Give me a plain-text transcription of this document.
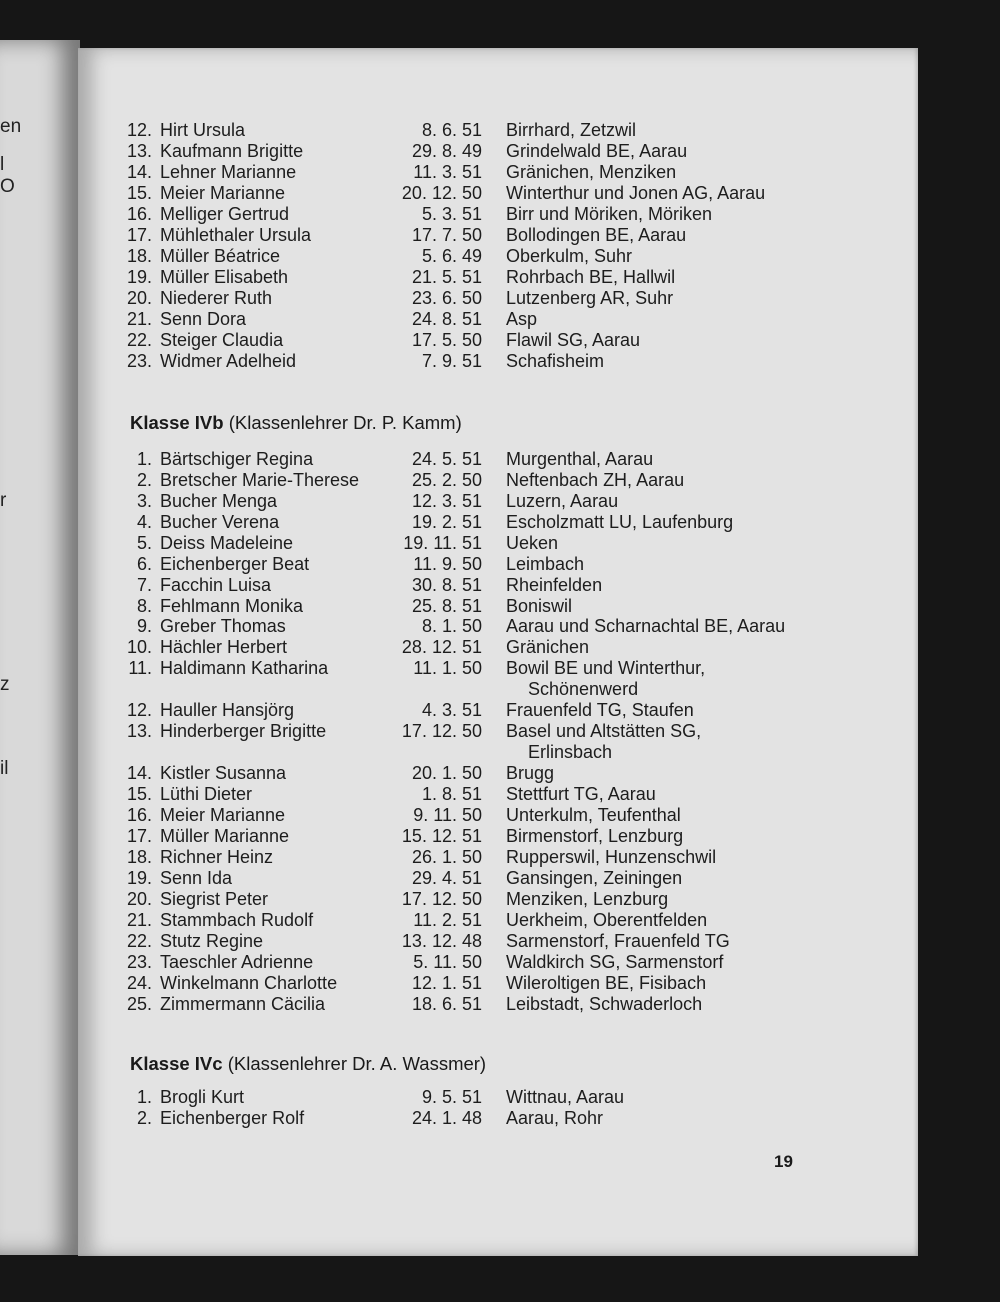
en
l
O
r
z
il
12. Hirt Ursula	8. 6. 51 Birrhard, Zetzwil
13. Kaufmann Brigitte	29. 8. 49 Grindelwald BE, Aarau
14. Lehner Marianne	11. 3. 51 Gränichen, Menziken
15. Meier Marianne	20. 12. 50 Winterthur und Jonen AG, Aarau
16. Melliger Gertrud	5. 3. 51 Birr und Möriken, Möriken
17. Mühlethaler Ursula	17. 7. 50 Bollodingen BE, Aarau
18. Müller Béatrice	5. 6. 49 Oberkulm, Suhr
19. Müller Elisabeth	21. 5. 51 Rohrbach BE, Hallwil
20. Niederer Ruth	23. 6. 50 Lutzenberg AR, Suhr
21. Senn Dora	24. 8. 51 Asp
22. Steiger Claudia	17. 5. 50 Flawil SG, Aarau
23. Widmer Adelheid	7. 9. 51 Schafisheim
Klasse IVb (Klassenlehrer Dr. P. Kamm)
1. Bärtschiger Regina	24. 5. 51 Murgenthal, Aarau
2. Bretscher Marie-Therese	25. 2. 50 Neftenbach ZH, Aarau
3. Bucher Menga	12. 3. 51 Luzern, Aarau
4. Bucher Verena	19. 2. 51 Escholzmatt LU, Laufenburg
5. Deiss Madeleine	19. 11. 51 Ueken
6. Eichenberger Beat	11. 9. 50 Leimbach
7. Facchin Luisa	30. 8. 51 Rheinfelden
8. Fehlmann Monika	25. 8. 51 Boniswil
9. Greber Thomas	8. 1. 50 Aarau und Scharnachtal BE, Aarau
10. Hächler Herbert	28. 12. 51 Gränichen
11. Haldimann Katharina	11. 1. 50 Bowil BE und Winterthur,
Schönenwerd
12. Hauller Hansjörg	4. 3. 51 Frauenfeld TG, Staufen
13. Hinderberger Brigitte	17. 12. 50 Basel und Altstätten SG,
Erlinsbach
14. Kistler Susanna	20. 1. 50 Brugg
15. Lüthi Dieter	1. 8. 51 Stettfurt TG, Aarau
16. Meier Marianne	9. 11. 50 Unterkulm, Teufenthal
17. Müller Marianne	15. 12. 51 Birmenstorf, Lenzburg
18. Richner Heinz	26. 1. 50 Rupperswil, Hunzenschwil
19. Senn Ida	29. 4. 51 Gansingen, Zeiningen
20. Siegrist Peter	17. 12. 50 Menziken, Lenzburg
21. Stammbach Rudolf	11. 2. 51 Uerkheim, Oberentfelden
22. Stutz Regine	13. 12. 48 Sarmenstorf, Frauenfeld TG
23. Taeschler Adrienne	5. 11. 50 Waldkirch SG, Sarmenstorf
24. Winkelmann Charlotte	12. 1. 51 Wileroltigen BE, Fisibach
25. Zimmermann Cäcilia	18. 6. 51 Leibstadt, Schwaderloch
Klasse IVc (Klassenlehrer Dr. A. Wassmer)
1. Brogli Kurt	9. 5. 51 Wittnau, Aarau
2. Eichenberger Rolf	24. 1. 48 Aarau, Rohr
19
